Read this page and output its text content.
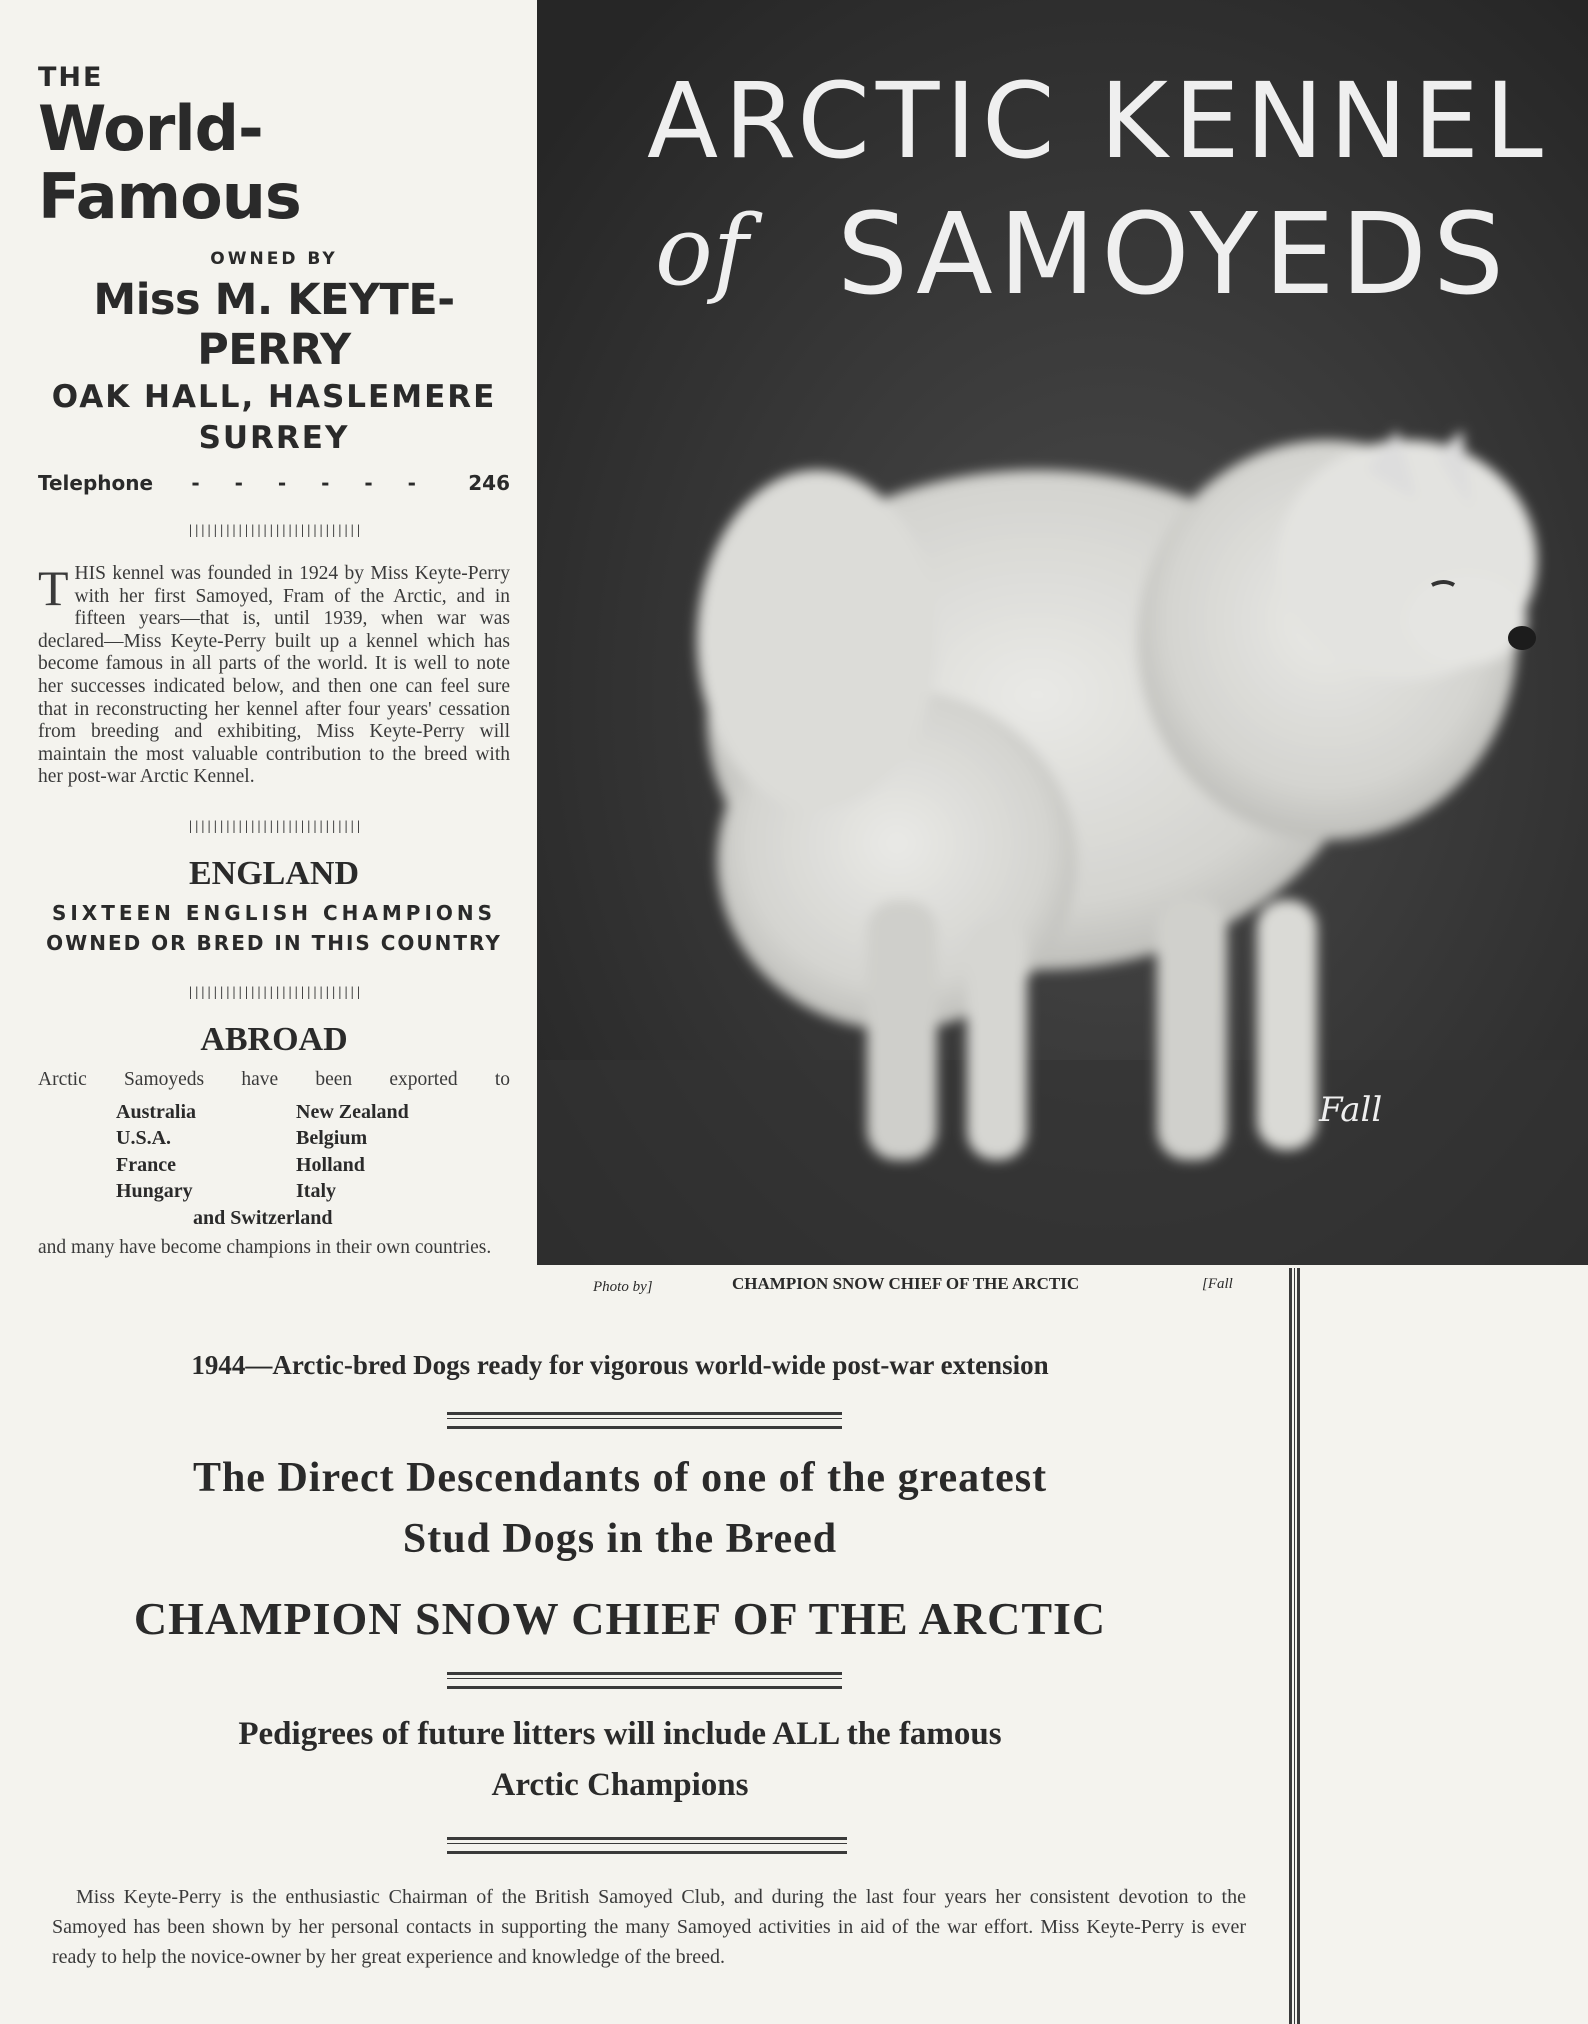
THE
World-Famous
OWNED BY
Miss M. KEYTE-PERRY
OAK HALL, HASLEMERE
SURREY
Telephone - - - - - - 246
||||||||||||||||||||||||||||
THIS kennel was founded in 1924 by Miss Keyte-Perry with her first Samoyed, Fram of the Arctic, and in fifteen years—that is, until 1939, when war was declared—Miss Keyte-Perry built up a kennel which has become famous in all parts of the world. It is well to note her successes indicated below, and then one can feel sure that in reconstructing her kennel after four years' cessation from breeding and exhibiting, Miss Keyte-Perry will maintain the most valuable contribution to the breed with her post-war Arctic Kennel.
||||||||||||||||||||||||||||
ENGLAND
SIXTEEN ENGLISH CHAMPIONS
OWNED OR BRED IN THIS COUNTRY
||||||||||||||||||||||||||||
ABROAD
Arctic Samoyeds have been exported to
Australia	New Zealand
U.S.A.	Belgium
France	Holland
Hungary	Italy
and Switzerland
and many have become champions in their own countries.
ARCTIC KENNEL
of SAMOYEDS
Fall
Photo by]	CHAMPION SNOW CHIEF OF THE ARCTIC	[Fall
1944—Arctic-bred Dogs ready for vigorous world-wide post-war extension
The Direct Descendants of one of the greatest
Stud Dogs in the Breed
CHAMPION SNOW CHIEF OF THE ARCTIC
Pedigrees of future litters will include ALL the famous
Arctic Champions
Miss Keyte-Perry is the enthusiastic Chairman of the British Samoyed Club, and during the last four years her consistent devotion to the Samoyed has been shown by her personal contacts in supporting the many Samoyed activities in aid of the war effort. Miss Keyte-Perry is ever ready to help the novice-owner by her great experience and knowledge of the breed.
